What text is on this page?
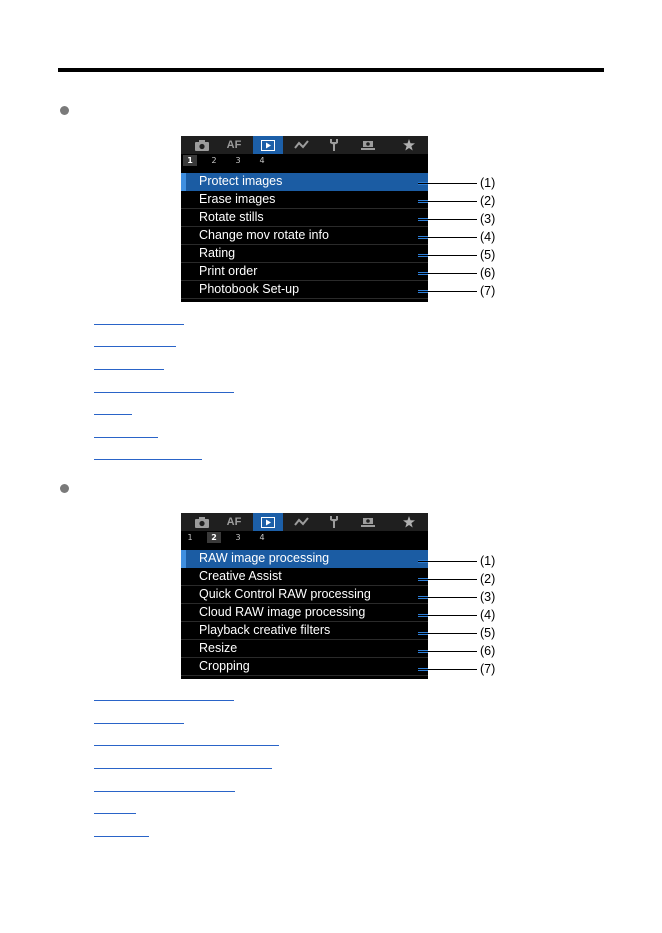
AF
1	2	3	4
Protect images
Erase images
Rotate stills
Change mov rotate info
Rating
Print order
Photobook Set-up
(1)
(2)
(3)
(4)
(5)
(6)
(7)
AF
1	2	3	4
RAW image processing
Creative Assist
Quick Control RAW processing
Cloud RAW image processing
Playback creative filters
Resize
Cropping
(1)
(2)
(3)
(4)
(5)
(6)
(7)
